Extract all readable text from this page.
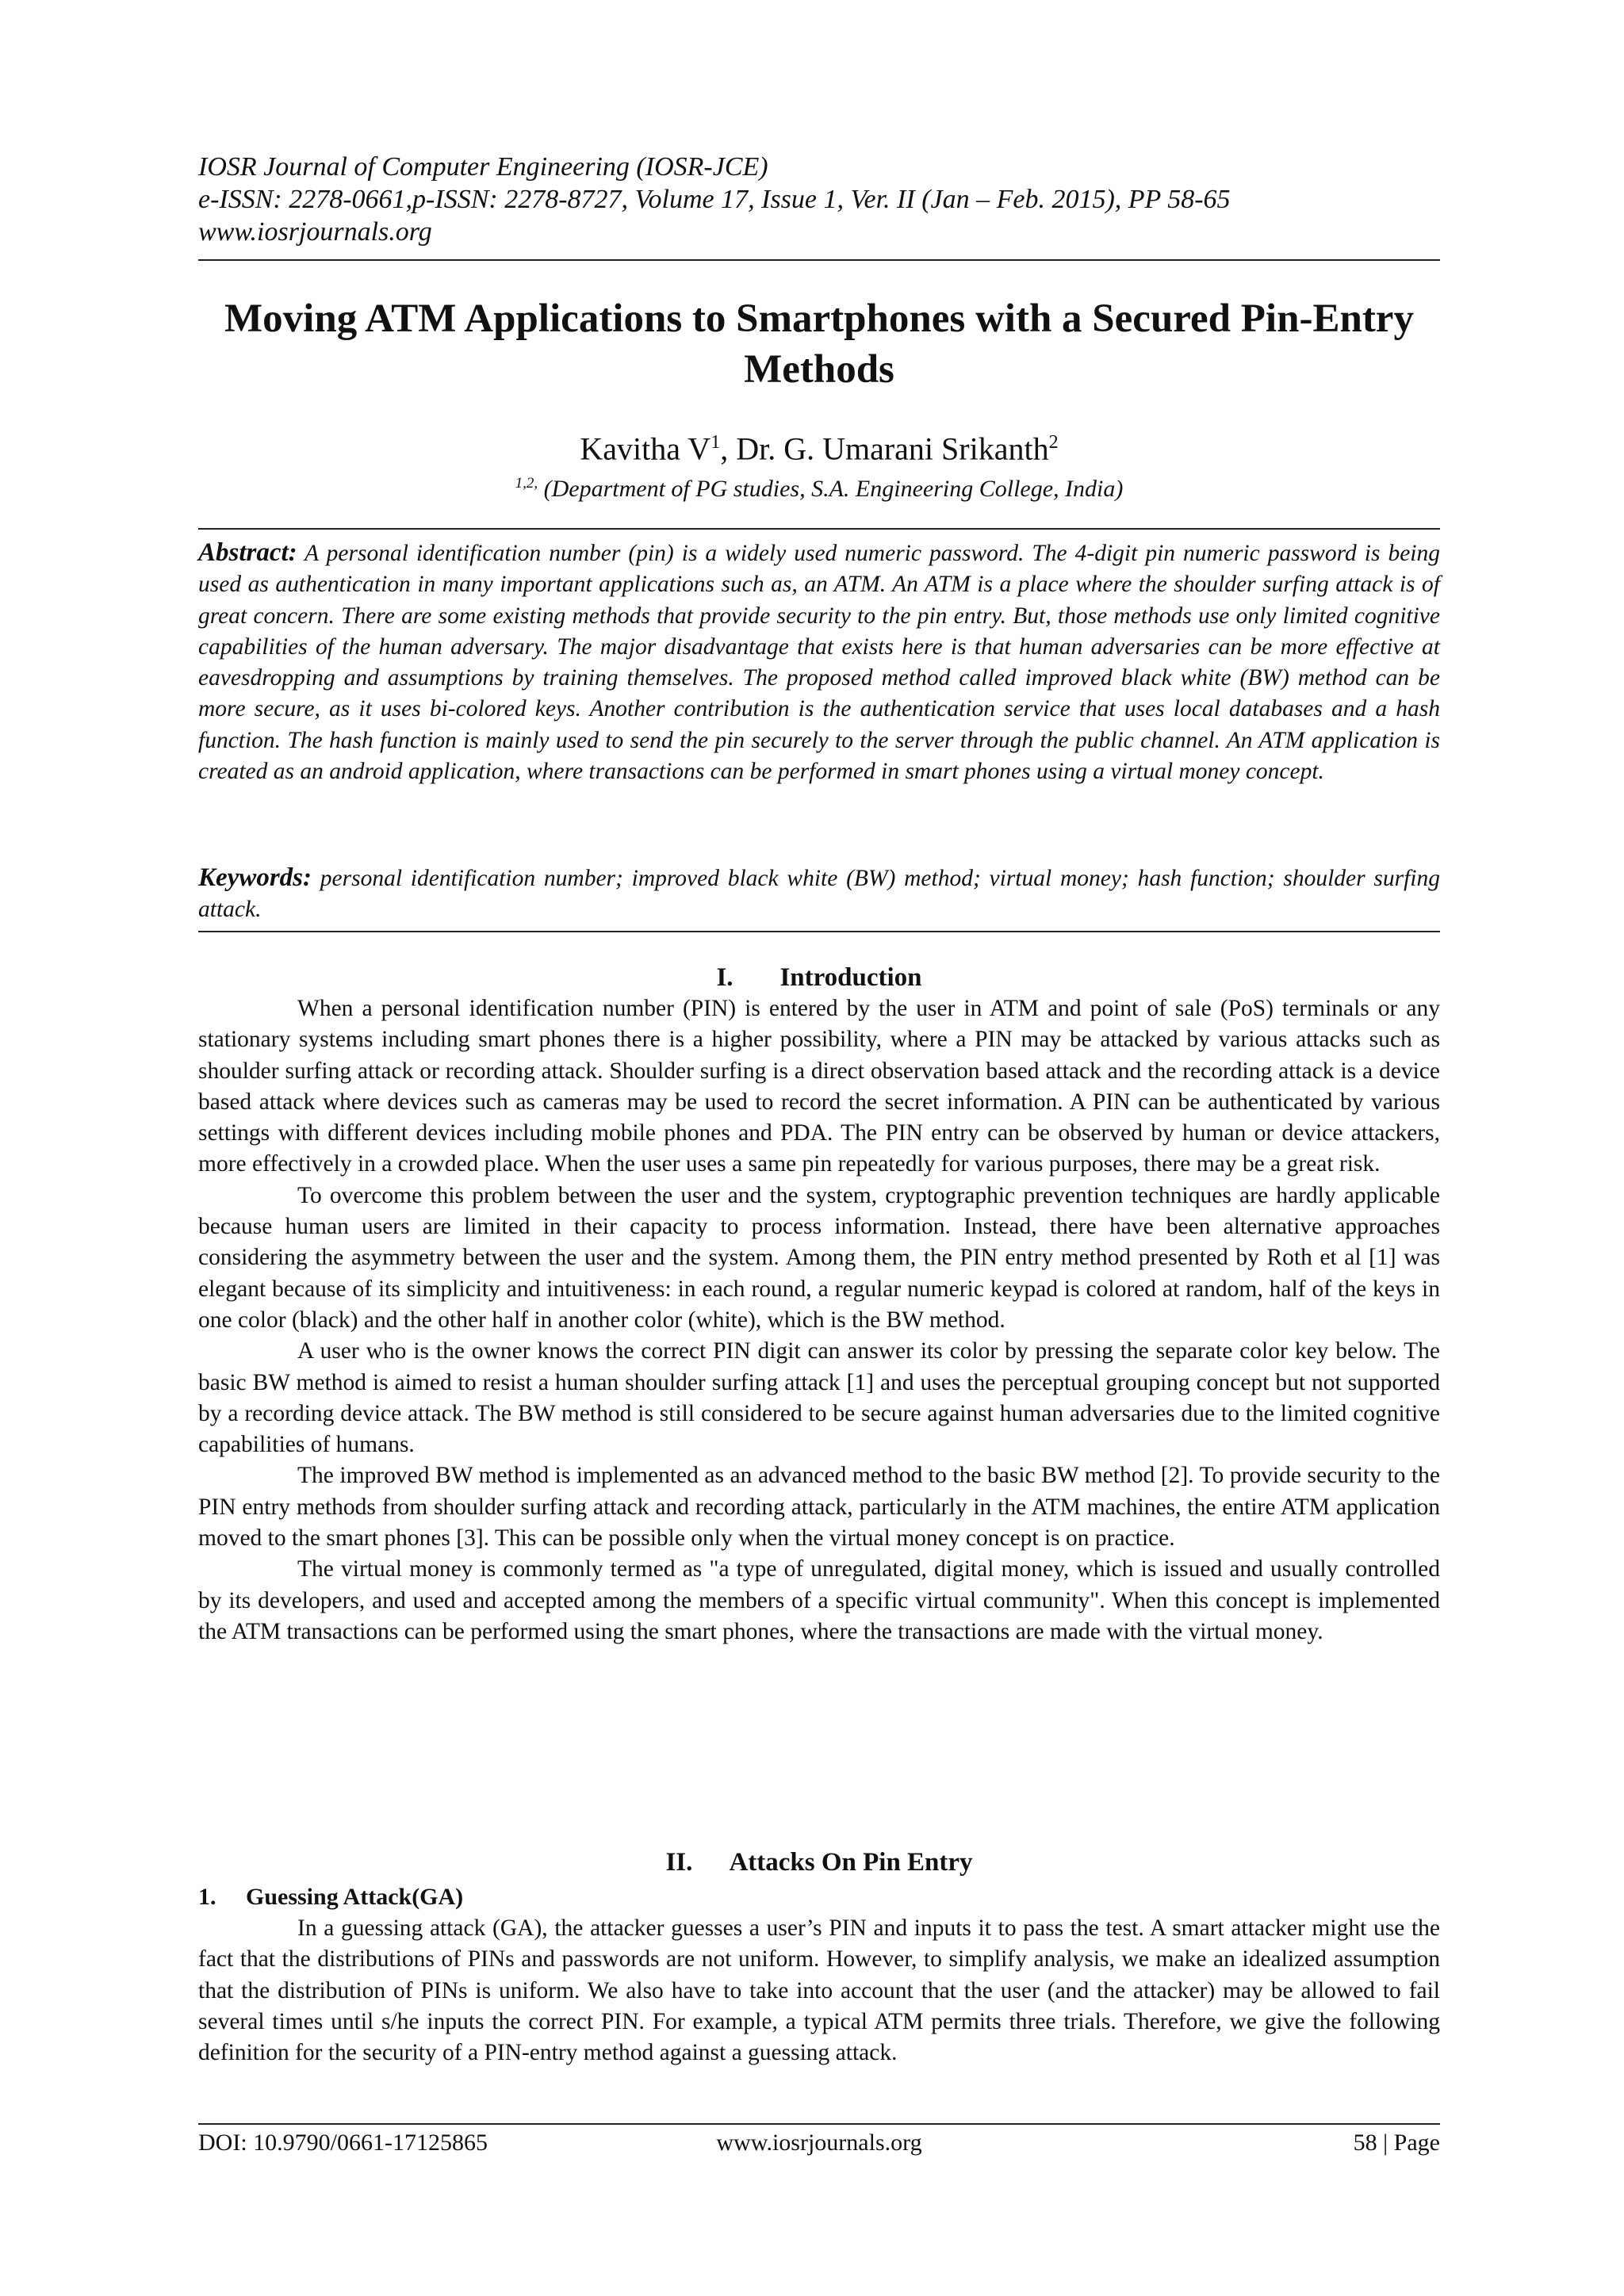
IOSR Journal of Computer Engineering (IOSR-JCE)
e-ISSN: 2278-0661,p-ISSN: 2278-8727, Volume 17, Issue 1, Ver. II (Jan – Feb. 2015), PP 58-65
www.iosrjournals.org
Moving ATM Applications to Smartphones with a Secured Pin-Entry Methods
Kavitha $V^1$, Dr. G. Umarani Srikanth$^2$
$^{1,2,}$ (Department of PG studies, S.A. Engineering College, India)
Abstract: A personal identification number (pin) is a widely used numeric password. The 4-digit pin numeric password is being used as authentication in many important applications such as, an ATM. An ATM is a place where the shoulder surfing attack is of great concern. There are some existing methods that provide security to the pin entry. But, those methods use only limited cognitive capabilities of the human adversary. The major disadvantage that exists here is that human adversaries can be more effective at eavesdropping and assumptions by training themselves. The proposed method called improved black white (BW) method can be more secure, as it uses bi-colored keys. Another contribution is the authentication service that uses local databases and a hash function. The hash function is mainly used to send the pin securely to the server through the public channel. An ATM application is created as an android application, where transactions can be performed in smart phones using a virtual money concept.
Keywords: personal identification number; improved black white (BW) method; virtual money; hash function; shoulder surfing attack.
I. Introduction

When a personal identification number (PIN) is entered by the user in ATM and point of sale (PoS) terminals or any stationary systems including smart phones there is a higher possibility, where a PIN may be attacked by various attacks such as shoulder surfing attack or recording attack. Shoulder surfing is a direct observation based attack and the recording attack is a device based attack where devices such as cameras may be used to record the secret information. A PIN can be authenticated by various settings with different devices including mobile phones and PDA. The PIN entry can be observed by human or device attackers, more effectively in a crowded place. When the user uses a same pin repeatedly for various purposes, there may be a great risk.

To overcome this problem between the user and the system, cryptographic prevention techniques are hardly applicable because human users are limited in their capacity to process information. Instead, there have been alternative approaches considering the asymmetry between the user and the system. Among them, the PIN entry method presented by Roth et al [1] was elegant because of its simplicity and intuitiveness: in each round, a regular numeric keypad is colored at random, half of the keys in one color (black) and the other half in another color (white), which is the BW method.

A user who is the owner knows the correct PIN digit can answer its color by pressing the separate color key below. The basic BW method is aimed to resist a human shoulder surfing attack [1] and uses the perceptual grouping concept but not supported by a recording device attack. The BW method is still considered to be secure against human adversaries due to the limited cognitive capabilities of humans.

The improved BW method is implemented as an advanced method to the basic BW method [2]. To provide security to the PIN entry methods from shoulder surfing attack and recording attack, particularly in the ATM machines, the entire ATM application moved to the smart phones [3]. This can be possible only when the virtual money concept is on practice.

The virtual money is commonly termed as "a type of unregulated, digital money, which is issued and usually controlled by its developers, and used and accepted among the members of a specific virtual community". When this concept is implemented the ATM transactions can be performed using the smart phones, where the transactions are made with the virtual money.

II. Attacks On Pin Entry
1. Guessing Attack(GA)

In a guessing attack (GA), the attacker guesses a user’s PIN and inputs it to pass the test. A smart attacker might use the fact that the distributions of PINs and passwords are not uniform. However, to simplify analysis, we make an idealized assumption that the distribution of PINs is uniform. We also have to take into account that the user (and the attacker) may be allowed to fail several times until s/he inputs the correct PIN. For example, a typical ATM permits three trials. Therefore, we give the following definition for the security of a PIN-entry method against a guessing attack.

DOI: 10.9790/0661-17125865	www.iosrjournals.org	58 | Page
